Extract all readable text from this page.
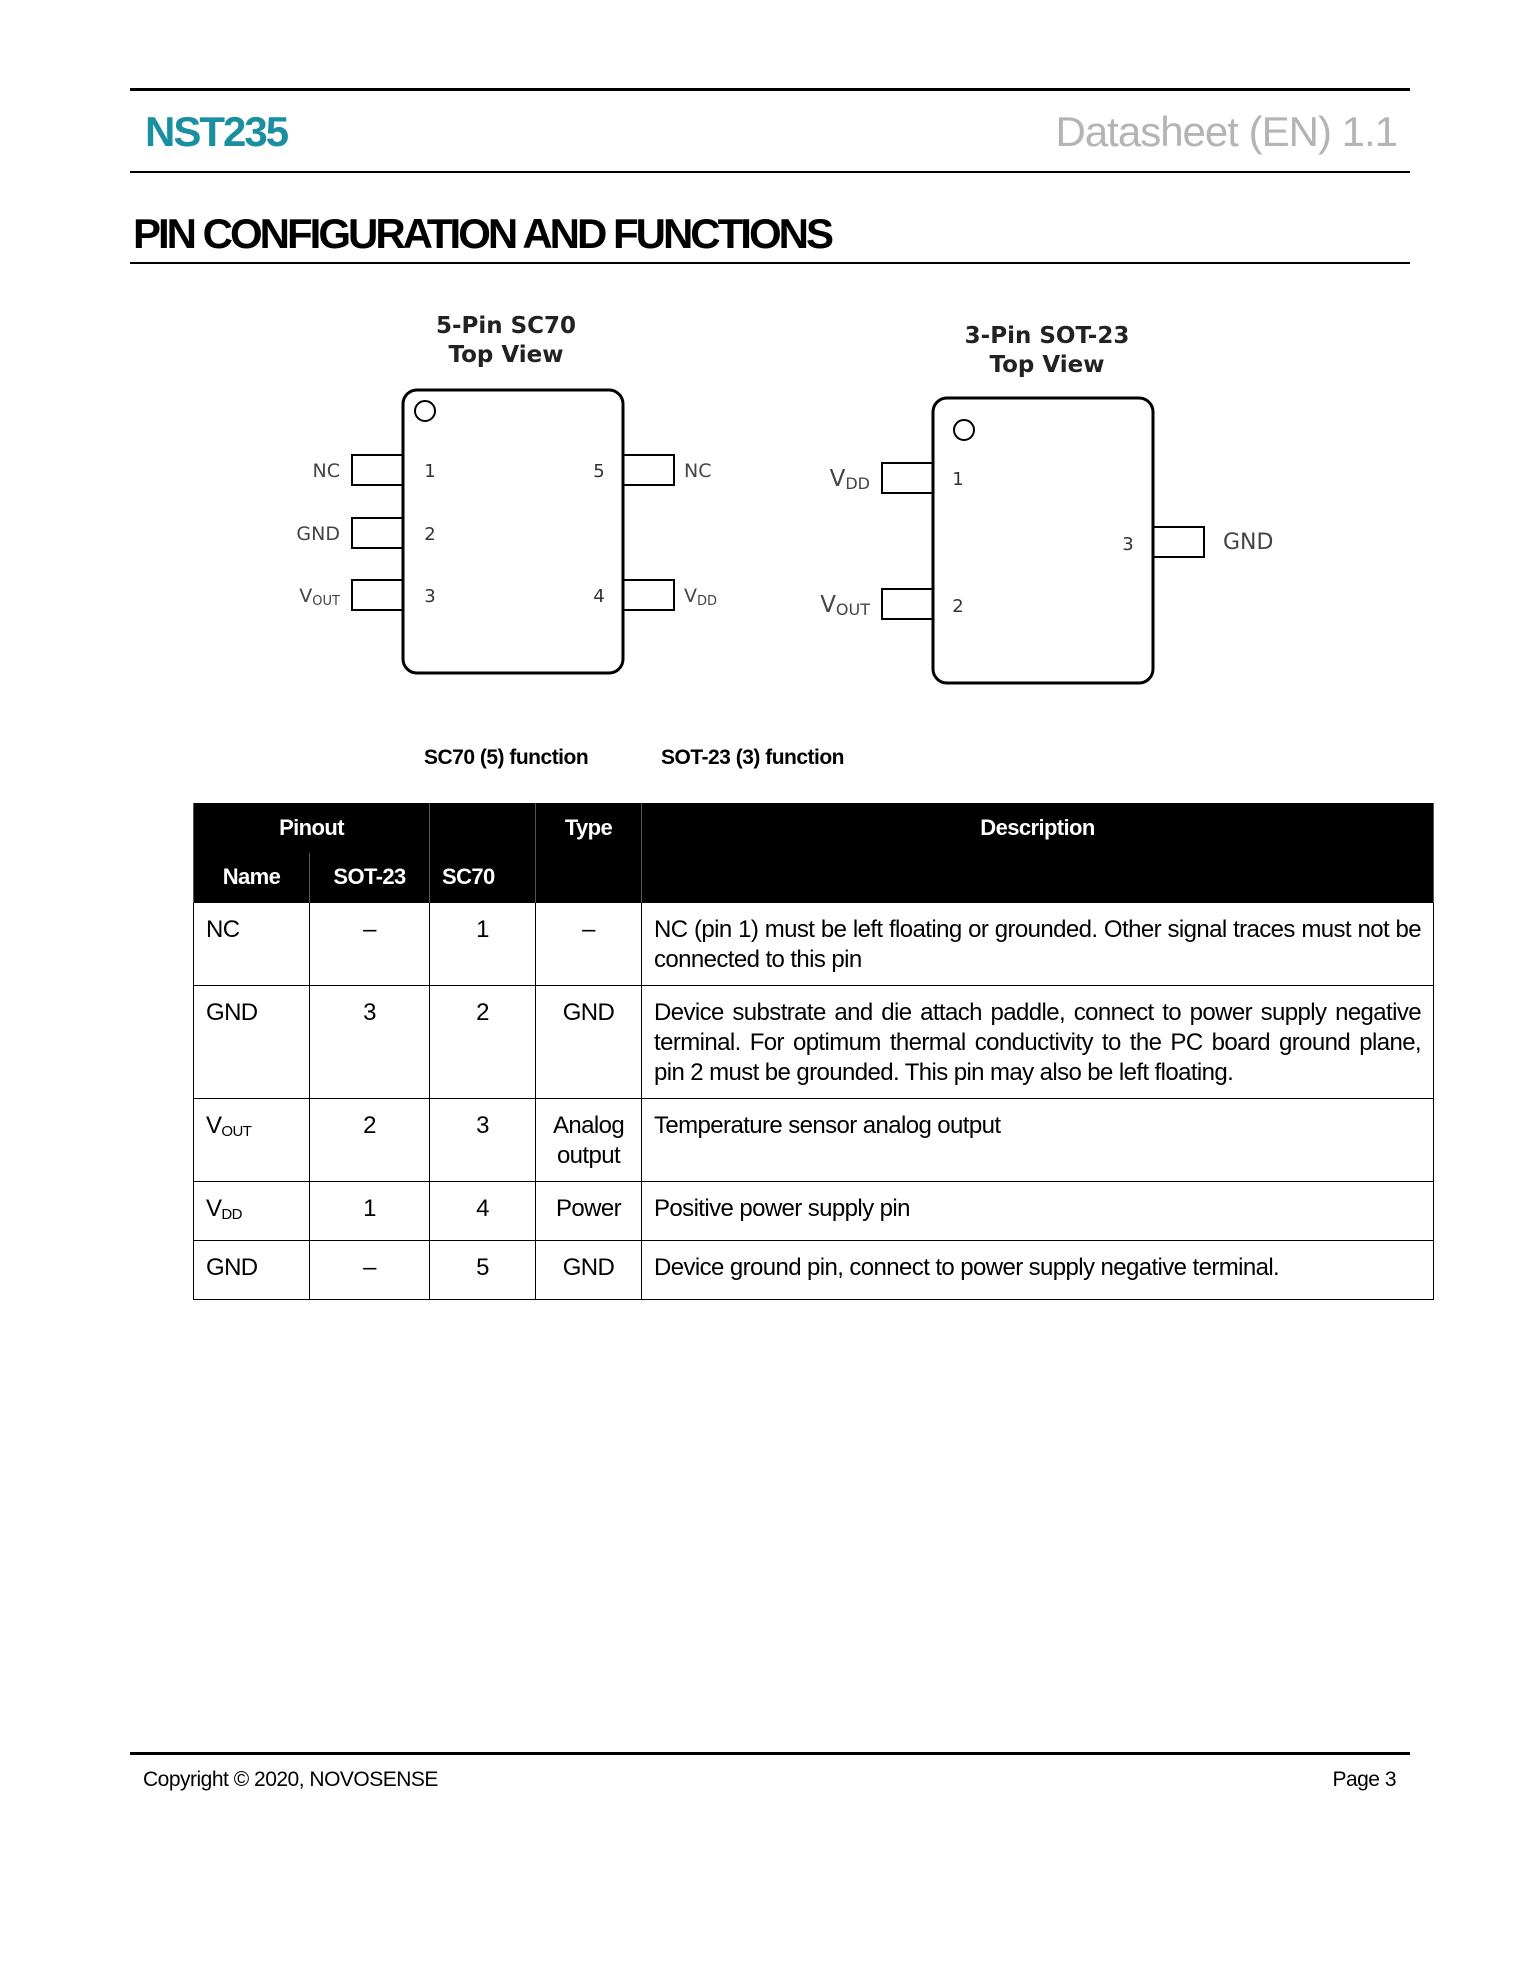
NST235	Datasheet (EN) 1.1
PIN CONFIGURATION AND FUNCTIONS
5-Pin SC70
Top View
1
2
3
5
4
NC
GND
VOUT
NC
VDD
3-Pin SOT-23
Top View
1
2
3
VDD
VOUT
GND
SC70 (5) function	SOT-23 (3) function
Pinout			Type	Description
Name	SOT-23	SC70		
NC	–	1	–	NC (pin 1) must be left floating or grounded. Other signal traces must not be connected to this pin
GND	3	2	GND	Device substrate and die attach paddle, connect to power supply negative terminal. For optimum thermal conductivity to the PC board ground plane, pin 2 must be grounded. This pin may also be left floating.
$V_{OUT}$	2	3	Analog output	Temperature sensor analog output
$V_{DD}$	1	4	Power	Positive power supply pin
GND	–	5	GND	Device ground pin, connect to power supply negative terminal.
Copyright © 2020, NOVOSENSE	Page 3
